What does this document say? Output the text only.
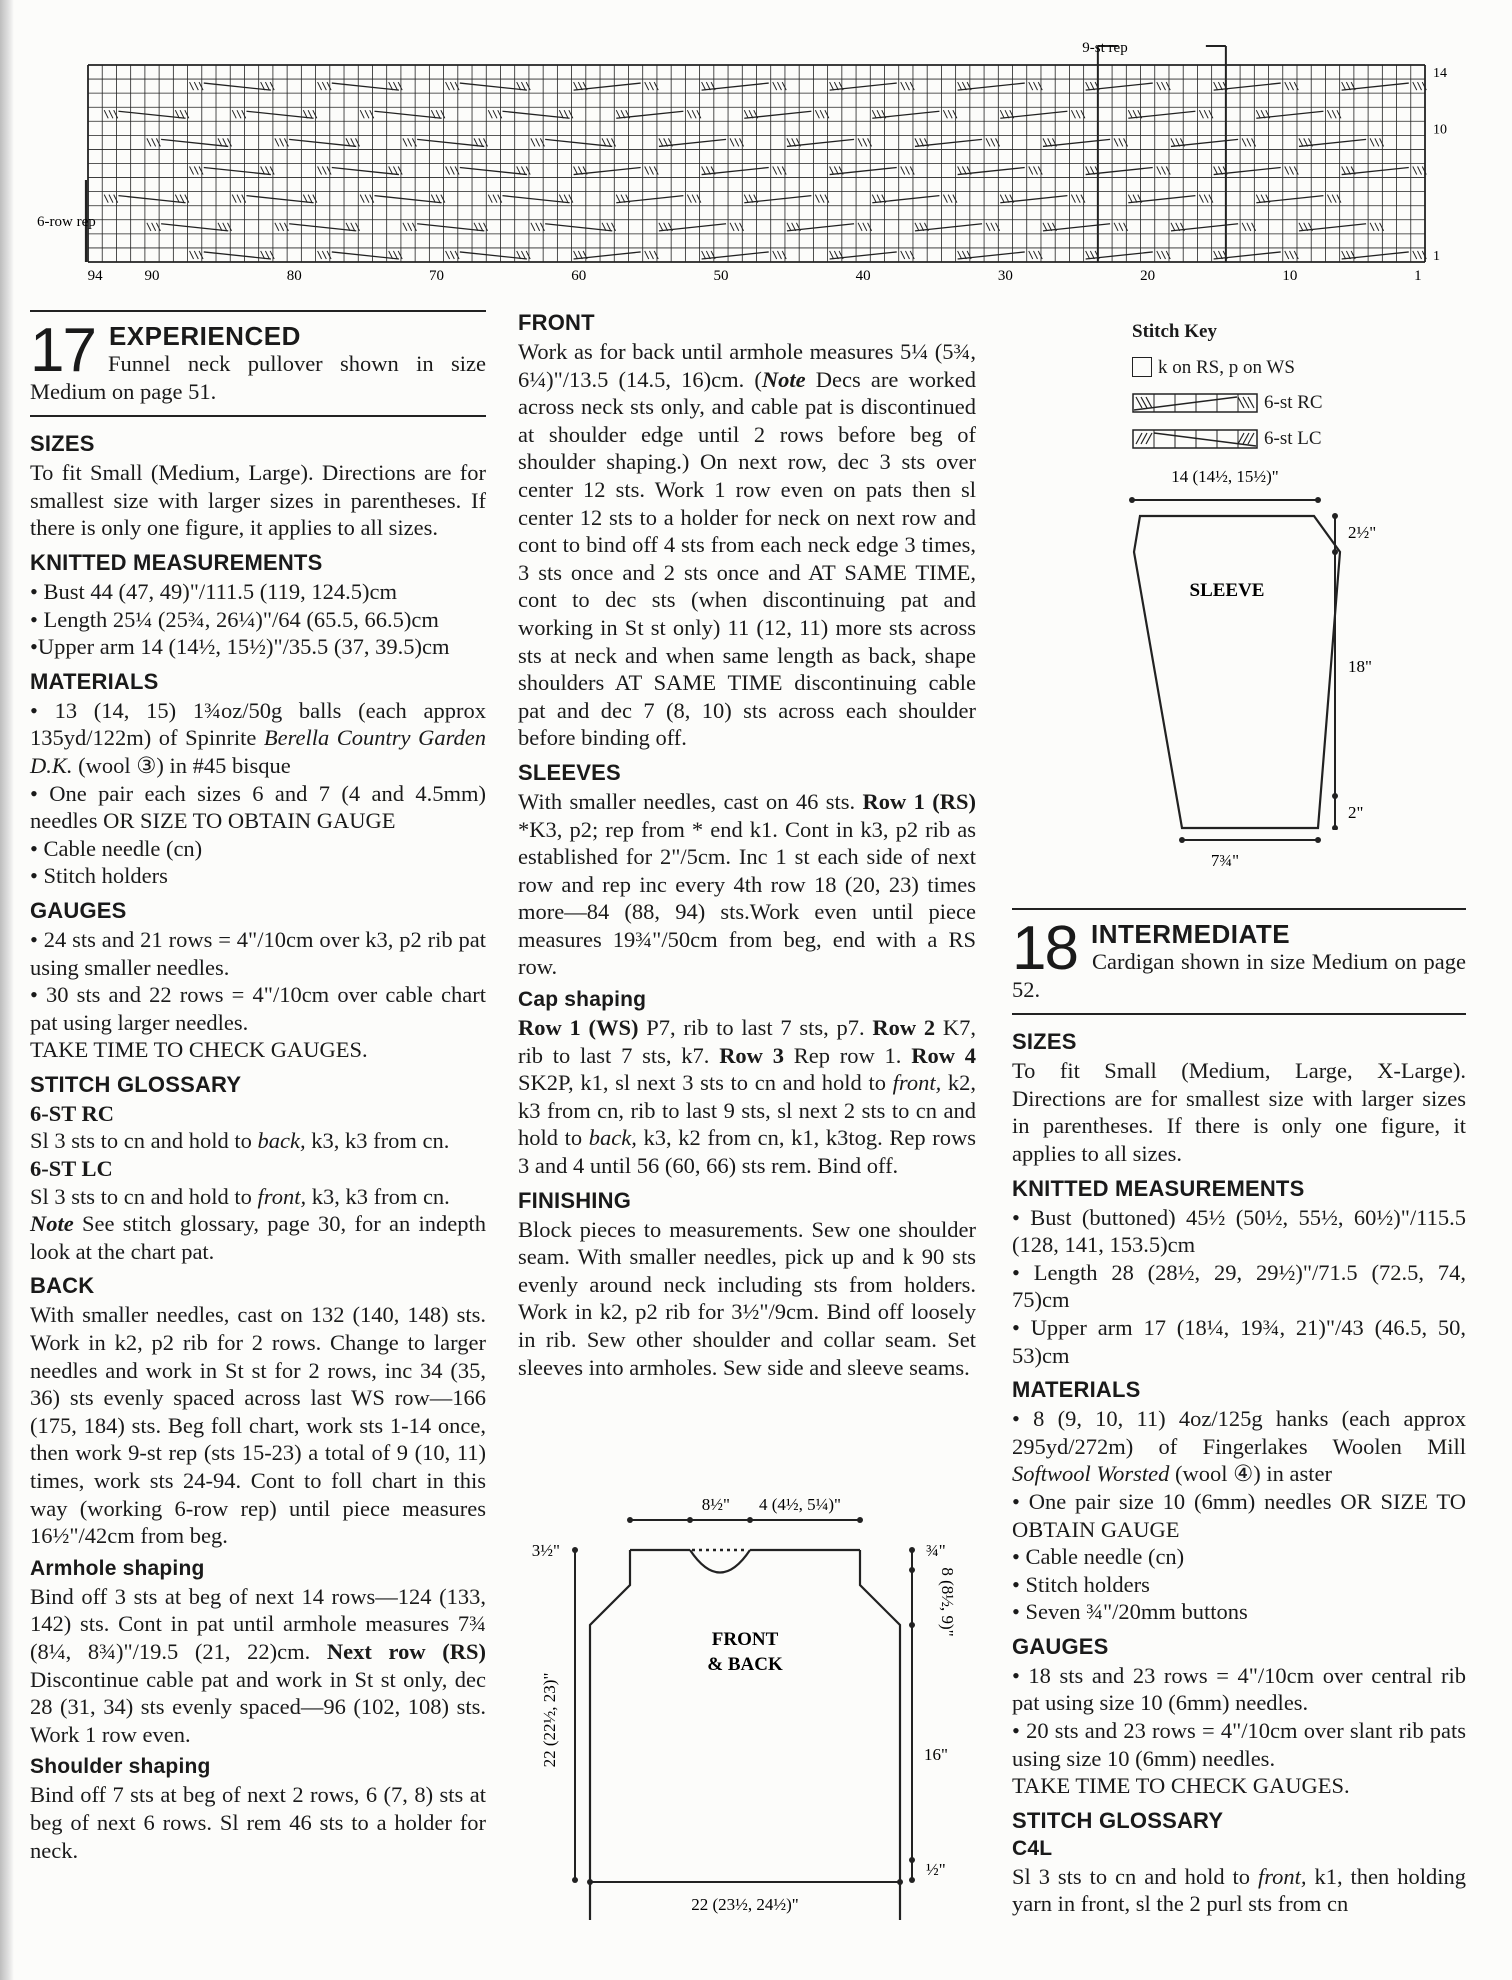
9-st rep
6-row rep
14
10
1
94	90	80	70	60	50	40	30	20	10	1
17 EXPERIENCED

Funnel neck pullover shown in size Medium on page 51.

SIZES

To fit Small (Medium, Large). Directions are for smallest size with larger sizes in parentheses. If there is only one figure, it applies to all sizes.

KNITTED MEASUREMENTS

• Bust 44 (47, 49)"/111.5 (119, 124.5)cm

• Length 25¼ (25¾, 26¼)"/64 (65.5, 66.5)cm

•Upper arm 14 (14½, 15½)"/35.5 (37, 39.5)cm

MATERIALS

• 13 (14, 15) 1¾oz/50g balls (each approx 135yd/122m) of Spinrite Berella Country Garden D.K. (wool ③) in #45 bisque

• One pair each sizes 6 and 7 (4 and 4.5mm) needles OR SIZE TO OBTAIN GAUGE

• Cable needle (cn)

• Stitch holders

GAUGES

• 24 sts and 21 rows = 4"/10cm over k3, p2 rib pat using smaller needles.

• 30 sts and 22 rows = 4"/10cm over cable chart pat using larger needles.

TAKE TIME TO CHECK GAUGES.

STITCH GLOSSARY

6-ST RC

Sl 3 sts to cn and hold to back, k3, k3 from cn.

6-ST LC

Sl 3 sts to cn and hold to front, k3, k3 from cn.

Note See stitch glossary, page 30, for an indepth look at the chart pat.

BACK

With smaller needles, cast on 132 (140, 148) sts. Work in k2, p2 rib for 2 rows. Change to larger needles and work in St st for 2 rows, inc 34 (35, 36) sts evenly spaced across last WS row—166 (175, 184) sts. Beg foll chart, work sts 1-14 once, then work 9-st rep (sts 15-23) a total of 9 (10, 11) times, work sts 24-94. Cont to foll chart in this way (working 6-row rep) until piece measures 16½"/42cm from beg.

Armhole shaping

Bind off 3 sts at beg of next 14 rows—124 (133, 142) sts. Cont in pat until armhole measures 7¾ (8¼, 8¾)"/19.5 (21, 22)cm. Next row (RS) Discontinue cable pat and work in St st only, dec 28 (31, 34) sts evenly spaced—96 (102, 108) sts. Work 1 row even.

Shoulder shaping

Bind off 7 sts at beg of next 2 rows, 6 (7, 8) sts at beg of next 6 rows. Sl rem 46 sts to a holder for neck.

FRONT

Work as for back until armhole measures 5¼ (5¾, 6¼)"/13.5 (14.5, 16)cm. (Note Decs are worked across neck sts only, and cable pat is discontinued at shoulder edge until 2 rows before beg of shoulder shaping.) On next row, dec 3 sts over center 12 sts. Work 1 row even on pats then sl center 12 sts to a holder for neck on next row and cont to bind off 4 sts from each neck edge 3 times, 3 sts once and 2 sts once and AT SAME TIME, cont to dec sts (when discontinuing pat and working in St st only) 11 (12, 11) more sts across sts at neck and when same length as back, shape shoulders AT SAME TIME discontinuing cable pat and dec 7 (8, 10) sts across each shoulder before binding off.

SLEEVES

With smaller needles, cast on 46 sts. Row 1 (RS) *K3, p2; rep from * end k1. Cont in k3, p2 rib as established for 2"/5cm. Inc 1 st each side of next row and rep inc every 4th row 18 (20, 23) times more—84 (88, 94) sts.Work even until piece measures 19¾"/50cm from beg, end with a RS row.

Cap shaping

Row 1 (WS) P7, rib to last 7 sts, p7. Row 2 K7, rib to last 7 sts, k7. Row 3 Rep row 1. Row 4 SK2P, k1, sl next 3 sts to cn and hold to front, k2, k3 from cn, rib to last 9 sts, sl next 2 sts to cn and hold to back, k3, k2 from cn, k1, k3tog. Rep rows 3 and 4 until 56 (60, 66) sts rem. Bind off.

FINISHING

Block pieces to measurements. Sew one shoulder seam. With smaller needles, pick up and k 90 sts evenly around neck including sts from holders. Work in k2, p2 rib for 3½"/9cm. Bind off loosely in rib. Sew other shoulder and collar seam. Set sleeves into armholes. Sew side and sleeve seams.

FRONT
& BACK
8½" 4 (4½, 5¼)"
3½"	¾"
8 (8½, 9)"
16"
½"
22 (22½, 23)"
22 (23½, 24½)"
Stitch Key
k on RS, p on WS
6-st RC
6-st LC
14 (14½, 15½)"
SLEEVE
2½"
18"
2"
7¾"
18 INTERMEDIATE

Cardigan shown in size Medium on page 52.

SIZES

To fit Small (Medium, Large, X-Large). Directions are for smallest size with larger sizes in parentheses. If there is only one figure, it applies to all sizes.

KNITTED MEASUREMENTS

• Bust (buttoned) 45½ (50½, 55½, 60½)"/115.5 (128, 141, 153.5)cm

• Length 28 (28½, 29, 29½)"/71.5 (72.5, 74, 75)cm

• Upper arm 17 (18¼, 19¾, 21)"/43 (46.5, 50, 53)cm

MATERIALS

• 8 (9, 10, 11) 4oz/125g hanks (each approx 295yd/272m) of Fingerlakes Woolen Mill Softwool Worsted (wool ④) in aster

• One pair size 10 (6mm) needles OR SIZE TO OBTAIN GAUGE

• Cable needle (cn)

• Stitch holders

• Seven ¾"/20mm buttons

GAUGES

• 18 sts and 23 rows = 4"/10cm over central rib pat using size 10 (6mm) needles.

• 20 sts and 23 rows = 4"/10cm over slant rib pats using size 10 (6mm) needles.

TAKE TIME TO CHECK GAUGES.

STITCH GLOSSARY
C4L

Sl 3 sts to cn and hold to front, k1, then holding yarn in front, sl the 2 purl sts from cn
